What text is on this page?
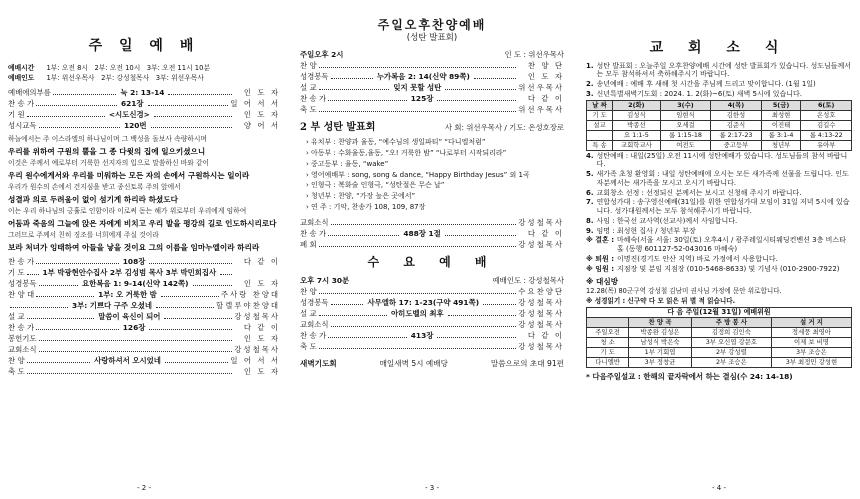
주 일 예 배
예배시간 1부: 오전 8시 2부: 오전 10시 3부: 오전 11시 10분
예배인도 1부: 위선우목사 2부: 강성철목사 3부: 위선우목사
예배에의부름	눅 2: 13-14	인 도 자
찬 송 가	621장	일 어 서 서
기 원	<시도신경>	인 도 자
성시교독	120번	양 어 서
하늘에서는 주 이스라엘의 하나님이며 그 백성을 돌보사 속량하시며
우리를 위하여 구원의 뿔을 그 종 다윗의 집에 일으키셨으니
이것은 주께서 예로부터 거룩한 선지자의 입으로 말씀하신 바와 같이
우리 원수에게서와 우리를 미워하는 모든 자의 손에서 구원하시는 일이라
우리가 원수의 손에서 건지심을 받고 종신토록 주의 앞에서
성결과 의로 두려움이 없이 섬기게 하리라 하셨도다
이는 우리 하나님의 긍휼로 인함이라 이로써 돋는 해가 위로부터 우리에게 임하여
어둠과 죽음의 그늘에 앉은 자에게 비치고 우리 발을 평강의 길로 인도하시리로다
그러므로 주께서 친히 징조를 너희에게 주실 것이라
보라 처녀가 잉태하여 아들을 낳을 것이요 그의 이름을 임마누엘이라 하리라
찬 송 가	108장	다 같 이
기 도 1부 박광현안수집사 2부 김성범 목사 3부 박민희집사
성경봉독	요한복음 1: 9-14(신약 142쪽)	인 도 자
찬 양 대	1부: 오 거룩한 밤	주사랑 찬양대
3부: 기쁘다 구주 오셨네	할렐루야찬양대
설 교	말씀이 육신이 되어	강성철목사
찬 송 가	126장	다 같 이
봉헌기도	인 도 자
교회소식	강성철목사
찬 양	사랑하셔서 오시었네	일 어 서 서
축 도	인 도 자
- 2 -
주일오후찬양예배
(성탄 발표회)
주일오후 2시	인 도 : 위선우목사
찬 양	찬 양 단
성경봉독	누가복음 2: 14(신약 89쪽)	인 도 자
설 교	잊지 못할 성탄	위선우목사
찬 송 가	125장	다 같 이
축 도	위선우목사
2 부 성탄 발표회	사 회: 위선우목사 / 기도: 온성호장로
› 유치부 : 찬양과 율동, “예수님의 생일파티” “다니엘처럼”
› 아동부 : 수화율동,율동, “오! 거룩한 밤” “나로부터 시작되리라”
› 중고등부 : 율동, “wake”
› 영어예배부 : song, song & dance, “Happy Birthday Jesus” 외 1곡
› 인형극 : 복화술 인형극, “성탄절은 무슨 날”
› 청년부 : 찬양, “가장 높은 곳에서”
› 연 주 : 기악, 찬송가 108, 109, 87장
교회소식	강성철목사
찬 송 가	488장 1절	다 같 이
폐 회	강성철목사
수 요 예 배
오후 7시 30분	예배인도 : 강성철목사
찬 양	수요찬양단
성경봉독	사무엘하 17: 1-23(구약 491쪽)	강성철목사
설 교	아히도벨의 최후	강성철목사
교회소식	강성철목사
찬 송 가	413장	다 같 이
축 도	강성철목사
새벽기도회	매일새벽 5시 예배당	말씀으로의 초대 91편
- 3 -
교 회 소 식
1. 성탄 발표회 : 오늘주일 오후찬양예배 시간에 성탄 발표회가 있습니다. 성도님들께서는 모두 참석하셔서 축하해주시기 바랍니다.
2. 송년예배 : 예배 후 새해 첫 시간을 주님께 드리고 맞이합니다. (1월 1일)
3. 신년특별새벽기도회 : 2024. 1. 2(화)~6(토) 새벽 5시에 있습니다.
날 짜	2(화)	3(수)	4(목)	5(금)	6(토)
기 도	김성식	임현식	김한성	최성현	온성호
설교	박종선	오세걸	김준식	이진태	김길수
	요 1:1-5	롬 1:15-18	롬 2:17-23	롬 3:1-4	롬 4:13-22
특 송	교회학교사	여전도	중고등부	청년부	유아부
4. 성탄예배 : 내일(25일) 오전 11시에 성탄예배가 있습니다. 성도님들의 참석 바랍니다.
5. 새가족 초청 환영회 : 내일 성탄예배에 오시는 모든 새가족께 선물을 드립니다. 인도자분께서는 새가족을 모시고 오시기 바랍니다.
6. 교회창소 선정 : 선정되신 분께서는 보시고 신청해 주시기 바랍니다.
7. 연합성가대 : 송구영신예배(31일)를 위한 연합성가대 모임이 31일 저녁 5시에 있습니다. 성가대원께서는 모두 참석해주시기 바랍니다.
8. 사임 : 한국선 교사역(선교사)께서 사임합니다.
9. 임명 : 최성현 집사 / 청년부 부장
※ 결혼 : 마혜숙(서울 서울: 30일(토) 오후4시 / 광주레일시티웨딩컨벤션 3층 비스타홀 (동행 601127-52-043016 마혜숙)
※ 퇴원 : 이명진(경기도 안산 지역) 바로 가정에서 사용합니다.
※ 임원 : 지점장 및 분임 지점장 (010-5468-8633) 및 기념사 (010-2900-7922)
※ 대심방
12.28(목) 80군구역 강성철 김남미 권사님 가정에 문안 위로합니다.
※ 성경읽기 : 신구약 다 모 읽은 뒤 별 적 읽습니다.
다 음 주일(12월 31일) 예배위원
	찬 양 곡	주 방 봉 사	설 거 지
주일오전	박종완 김성은	김정희 김인숙	정세풍 최영아
청 소	남성식 박은숙	3부 오신엽 강문호	이제 보 비명
기 도	1부 기회엽	2부 강성렬	3부 조승은
다니엘반	3부 정창균	2부 조승은	3부 최정민 강성현
* 다음주일설교 : 한해의 끝자락에서 하는 결심(수 24: 14-18)
- 4 -
